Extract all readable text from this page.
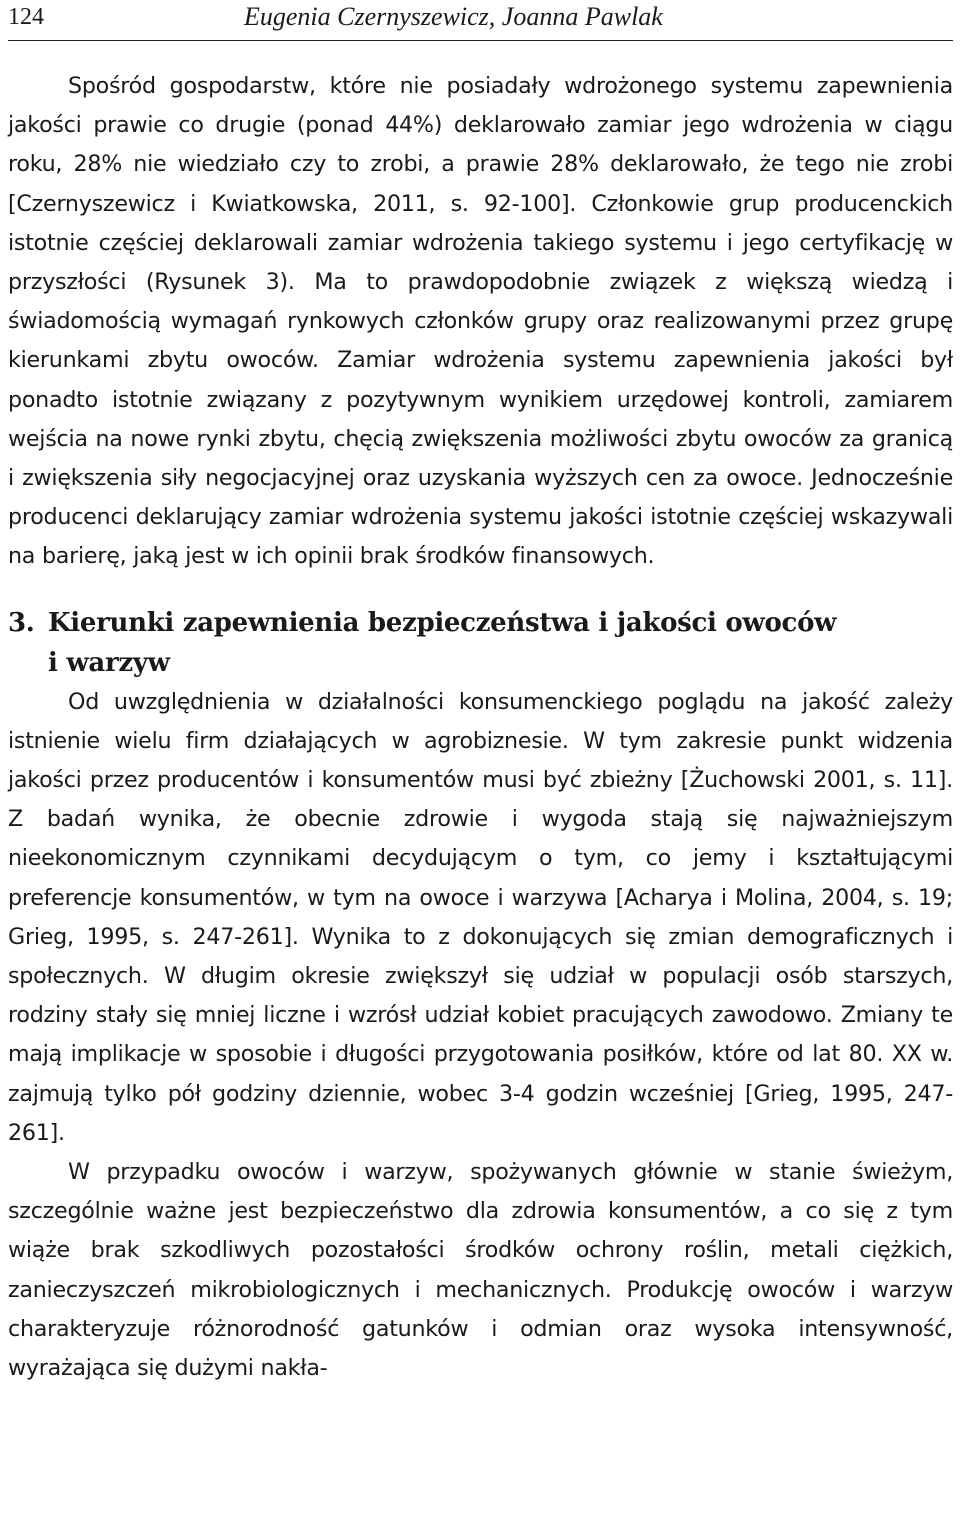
124	Eugenia Czernyszewicz, Joanna Pawlak

Spośród gospodarstw, które nie posiadały wdrożonego systemu zapewnienia jakości prawie co drugie (ponad 44%) deklarowało zamiar jego wdrożenia w ciągu roku, 28% nie wiedziało czy to zrobi, a prawie 28% deklarowało, że tego nie zrobi [Czernyszewicz i Kwiatkowska, 2011, s. 92-100]. Członkowie grup producenckich istotnie częściej deklarowali zamiar wdrożenia takiego systemu i jego certyfikację w przyszłości (Rysunek 3). Ma to prawdopodobnie związek z większą wiedzą i świadomością wymagań rynkowych członków grupy oraz realizowanymi przez grupę kierunkami zbytu owoców. Zamiar wdrożenia systemu zapewnienia jakości był ponadto istotnie związany z pozytywnym wynikiem urzędowej kontroli, zamiarem wejścia na nowe rynki zbytu, chęcią zwiększenia możliwości zbytu owoców za granicą i zwiększenia siły negocjacyjnej oraz uzyskania wyższych cen za owoce. Jednocześnie producenci deklarujący zamiar wdrożenia systemu jakości istotnie częściej wskazywali na barierę, jaką jest w ich opinii brak środków finansowych.

3. Kierunki zapewnienia bezpieczeństwa i jakości owoców
i warzyw

Od uwzględnienia w działalności konsumenckiego poglądu na jakość zależy istnienie wielu firm działających w agrobiznesie. W tym zakresie punkt widzenia jakości przez producentów i konsumentów musi być zbieżny [Żuchowski 2001, s. 11]. Z badań wynika, że obecnie zdrowie i wygoda stają się najważniejszym nieekonomicznym czynnikami decydującym o tym, co jemy i kształtującymi preferencje konsumentów, w tym na owoce i warzywa [Acharya i Molina, 2004, s. 19; Grieg, 1995, s. 247-261]. Wynika to z dokonujących się zmian demograficznych i społecznych. W długim okresie zwiększył się udział w populacji osób starszych, rodziny stały się mniej liczne i wzrósł udział kobiet pracujących zawodowo. Zmiany te mają implikacje w sposobie i długości przygotowania posiłków, które od lat 80. XX w. zajmują tylko pół godziny dziennie, wobec 3-4 godzin wcześniej [Grieg, 1995, 247-261].

W przypadku owoców i warzyw, spożywanych głównie w stanie świeżym, szczególnie ważne jest bezpieczeństwo dla zdrowia konsumentów, a co się z tym wiąże brak szkodliwych pozostałości środków ochrony roślin, metali ciężkich, zanieczyszczeń mikrobiologicznych i mechanicznych. Produkcję owoców i warzyw charakteryzuje różnorodność gatunków i odmian oraz wysoka intensywność, wyrażająca się dużymi nakła-
